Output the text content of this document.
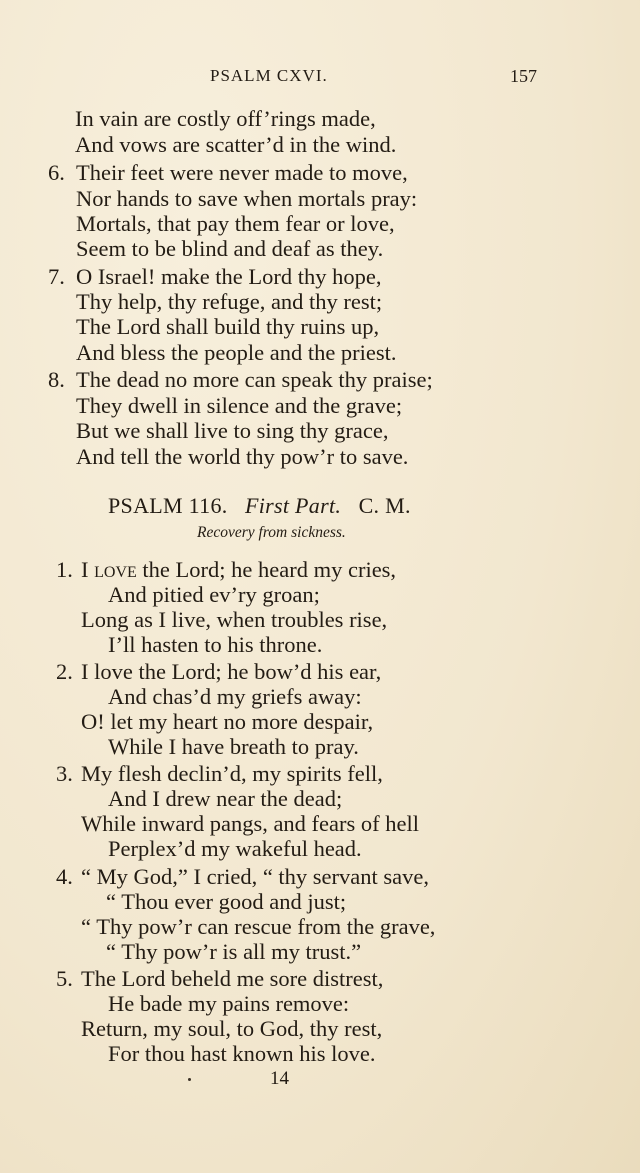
PSALM CXVI.	157
In vain are costly off’rings made,
And vows are scatter’d in the wind.
6. Their feet were never made to move,
Nor hands to save when mortals pray:
Mortals, that pay them fear or love,
Seem to be blind and deaf as they.
7. O Israel! make the Lord thy hope,
Thy help, thy refuge, and thy rest;
The Lord shall build thy ruins up,
And bless the people and the priest.
8. The dead no more can speak thy praise;
They dwell in silence and the grave;
But we shall live to sing thy grace,
And tell the world thy pow’r to save.
PSALM 116. First Part. C. M.
Recovery from sickness.
1. I love the Lord; he heard my cries,
And pitied ev’ry groan;
Long as I live, when troubles rise,
I’ll hasten to his throne.
2. I love the Lord; he bow’d his ear,
And chas’d my griefs away:
O! let my heart no more despair,
While I have breath to pray.
3. My flesh declin’d, my spirits fell,
And I drew near the dead;
While inward pangs, and fears of hell
Perplex’d my wakeful head.
4. “ My God,” I cried, “ thy servant save,
“ Thou ever good and just;
“ Thy pow’r can rescue from the grave,
“ Thy pow’r is all my trust.”
5. The Lord beheld me sore distrest,
He bade my pains remove:
Return, my soul, to God, thy rest,
For thou hast known his love.
14
